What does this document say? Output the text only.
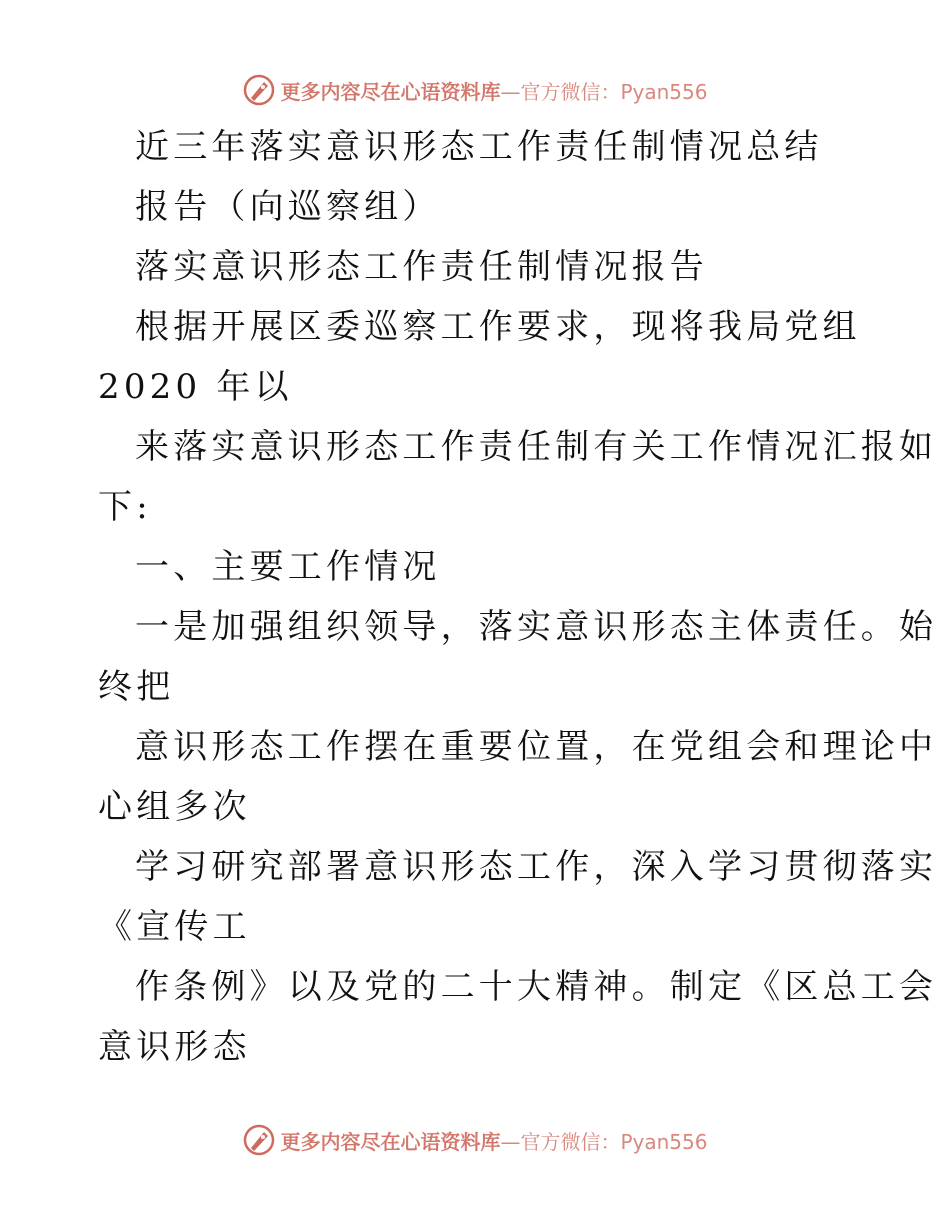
更多内容尽在心语资料库—官方微信：Pyan556
近三年落实意识形态工作责任制情况总结
报告（向巡察组）
落实意识形态工作责任制情况报告
根据开展区委巡察工作要求，现将我局党组
2020 年以
来落实意识形态工作责任制有关工作情况汇报如
下:
一、主要工作情况
一是加强组织领导，落实意识形态主体责任。始
终把
意识形态工作摆在重要位置，在党组会和理论中
心组多次
学习研究部署意识形态工作，深入学习贯彻落实
《宣传工
作条例》以及党的二十大精神。制定《区总工会
意识形态
更多内容尽在心语资料库—官方微信：Pyan556
